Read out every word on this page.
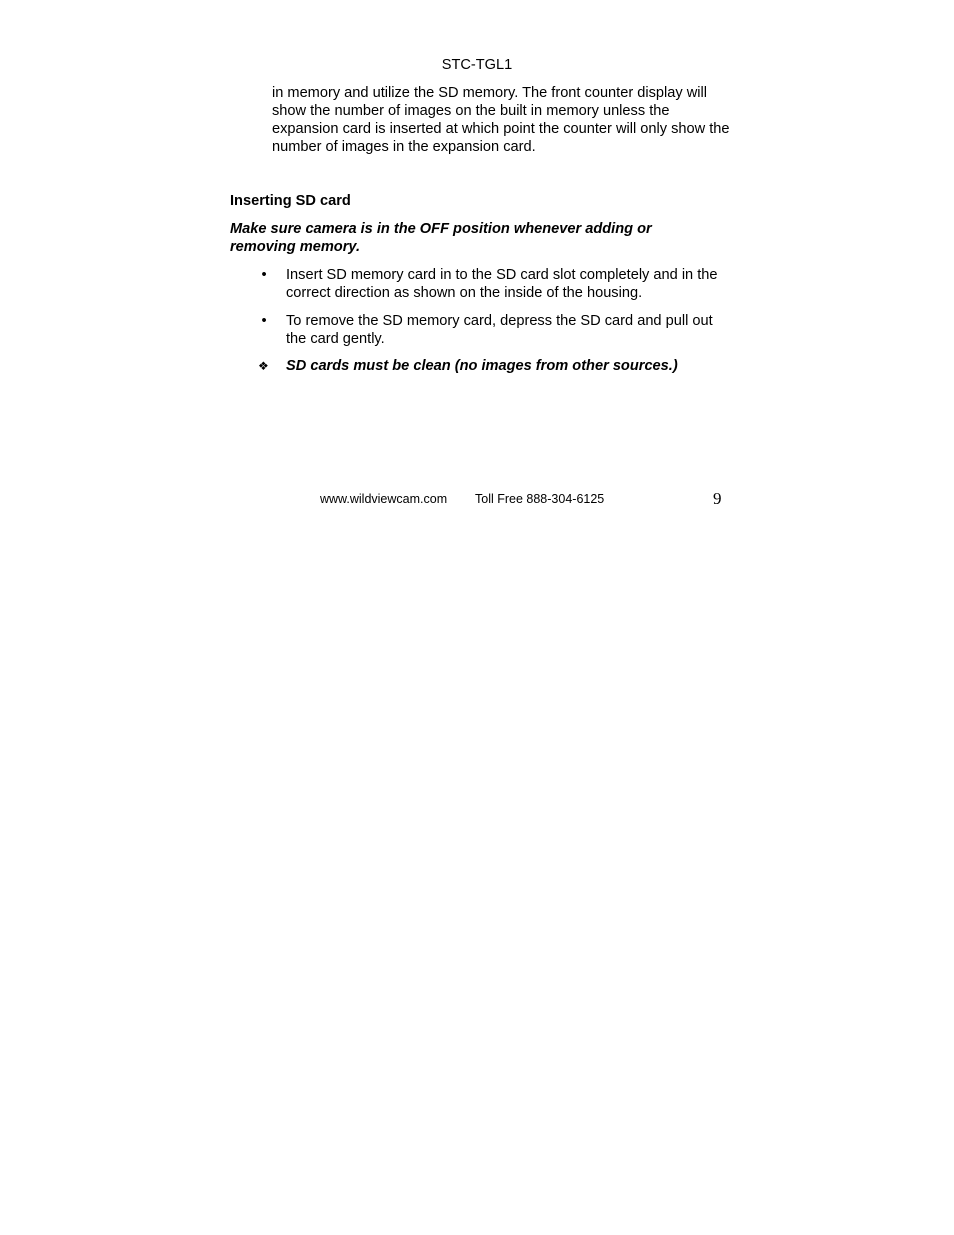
STC-TGL1

in memory and utilize the SD memory. The front counter display will show the number of images on the built in memory unless the expansion card is inserted at which point the counter will only show the number of images in the expansion card.

Inserting SD card

Make sure camera is in the OFF position whenever adding or removing memory.

•	Insert SD memory card in to the SD card slot completely and in the correct direction as shown on the inside of the housing.
•	To remove the SD memory card, depress the SD card and pull out the card gently.

❖ SD cards must be clean (no images from other sources.)

www.wildviewcam.com Toll Free 888-304-6125	9
